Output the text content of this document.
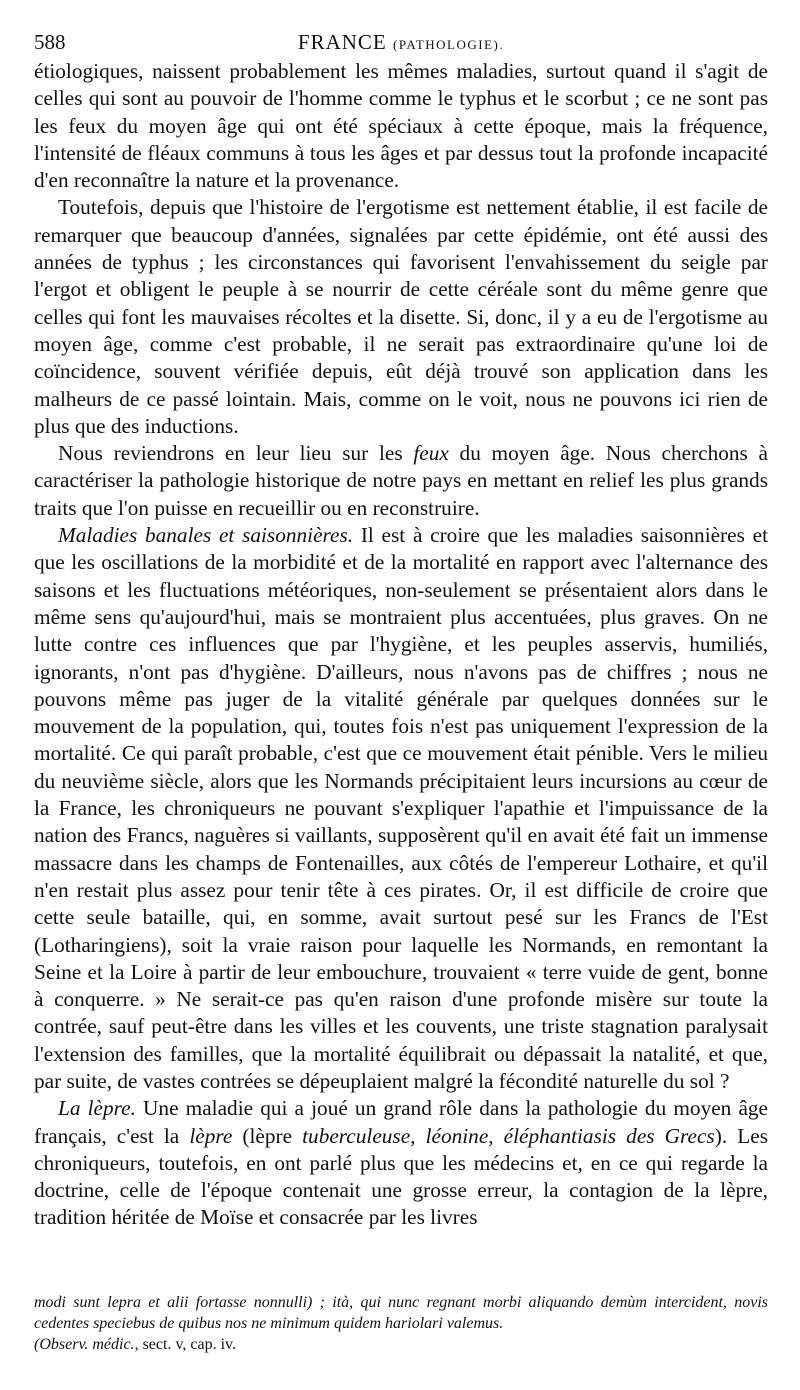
588	FRANCE (PATHOLOGIE).

étiologiques, naissent probablement les mêmes maladies, surtout quand il s'agit de celles qui sont au pouvoir de l'homme comme le typhus et le scorbut ; ce ne sont pas les feux du moyen âge qui ont été spéciaux à cette époque, mais la fréquence, l'intensité de fléaux communs à tous les âges et par dessus tout la profonde incapacité d'en reconnaître la nature et la provenance.

Toutefois, depuis que l'histoire de l'ergotisme est nettement établie, il est facile de remarquer que beaucoup d'années, signalées par cette épidémie, ont été aussi des années de typhus ; les circonstances qui favorisent l'envahissement du seigle par l'ergot et obligent le peuple à se nourrir de cette céréale sont du même genre que celles qui font les mauvaises récoltes et la disette. Si, donc, il y a eu de l'ergotisme au moyen âge, comme c'est probable, il ne serait pas extraordinaire qu'une loi de coïncidence, souvent vérifiée depuis, eût déjà trouvé son application dans les malheurs de ce passé lointain. Mais, comme on le voit, nous ne pouvons ici rien de plus que des inductions.

Nous reviendrons en leur lieu sur les feux du moyen âge. Nous cherchons à caractériser la pathologie historique de notre pays en mettant en relief les plus grands traits que l'on puisse en recueillir ou en reconstruire.

Maladies banales et saisonnières. Il est à croire que les maladies saisonnières et que les oscillations de la morbidité et de la mortalité en rapport avec l'alternance des saisons et les fluctuations météoriques, non-seulement se présentaient alors dans le même sens qu'aujourd'hui, mais se montraient plus accentuées, plus graves. On ne lutte contre ces influences que par l'hygiène, et les peuples asservis, humiliés, ignorants, n'ont pas d'hygiène. D'ailleurs, nous n'avons pas de chiffres ; nous ne pouvons même pas juger de la vitalité générale par quelques données sur le mouvement de la population, qui, toutes fois n'est pas uniquement l'expression de la mortalité. Ce qui paraît probable, c'est que ce mouvement était pénible. Vers le milieu du neuvième siècle, alors que les Normands précipitaient leurs incursions au cœur de la France, les chroniqueurs ne pouvant s'expliquer l'apathie et l'impuissance de la nation des Francs, naguères si vaillants, supposèrent qu'il en avait été fait un immense massacre dans les champs de Fontenailles, aux côtés de l'empereur Lothaire, et qu'il n'en restait plus assez pour tenir tête à ces pirates. Or, il est difficile de croire que cette seule bataille, qui, en somme, avait surtout pesé sur les Francs de l'Est (Lotharingiens), soit la vraie raison pour laquelle les Normands, en remontant la Seine et la Loire à partir de leur embouchure, trouvaient « terre vuide de gent, bonne à conquerre. » Ne serait-ce pas qu'en raison d'une profonde misère sur toute la contrée, sauf peut-être dans les villes et les couvents, une triste stagnation paralysait l'extension des familles, que la mortalité équilibrait ou dépassait la natalité, et que, par suite, de vastes contrées se dépeuplaient malgré la fécondité naturelle du sol ?

La lèpre. Une maladie qui a joué un grand rôle dans la pathologie du moyen âge français, c'est la lèpre (lèpre tuberculeuse, léonine, éléphantiasis des Grecs). Les chroniqueurs, toutefois, en ont parlé plus que les médecins et, en ce qui regarde la doctrine, celle de l'époque contenait une grosse erreur, la contagion de la lèpre, tradition héritée de Moïse et consacrée par les livres

modi sunt lepra et alii fortasse nonnulli) ; ità, qui nunc regnant morbi aliquando demùm intercident, novis cedentes speciebus de quibus nos ne minimum quidem hariolari valemus.
(Observ. médic., sect. v, cap. iv.
